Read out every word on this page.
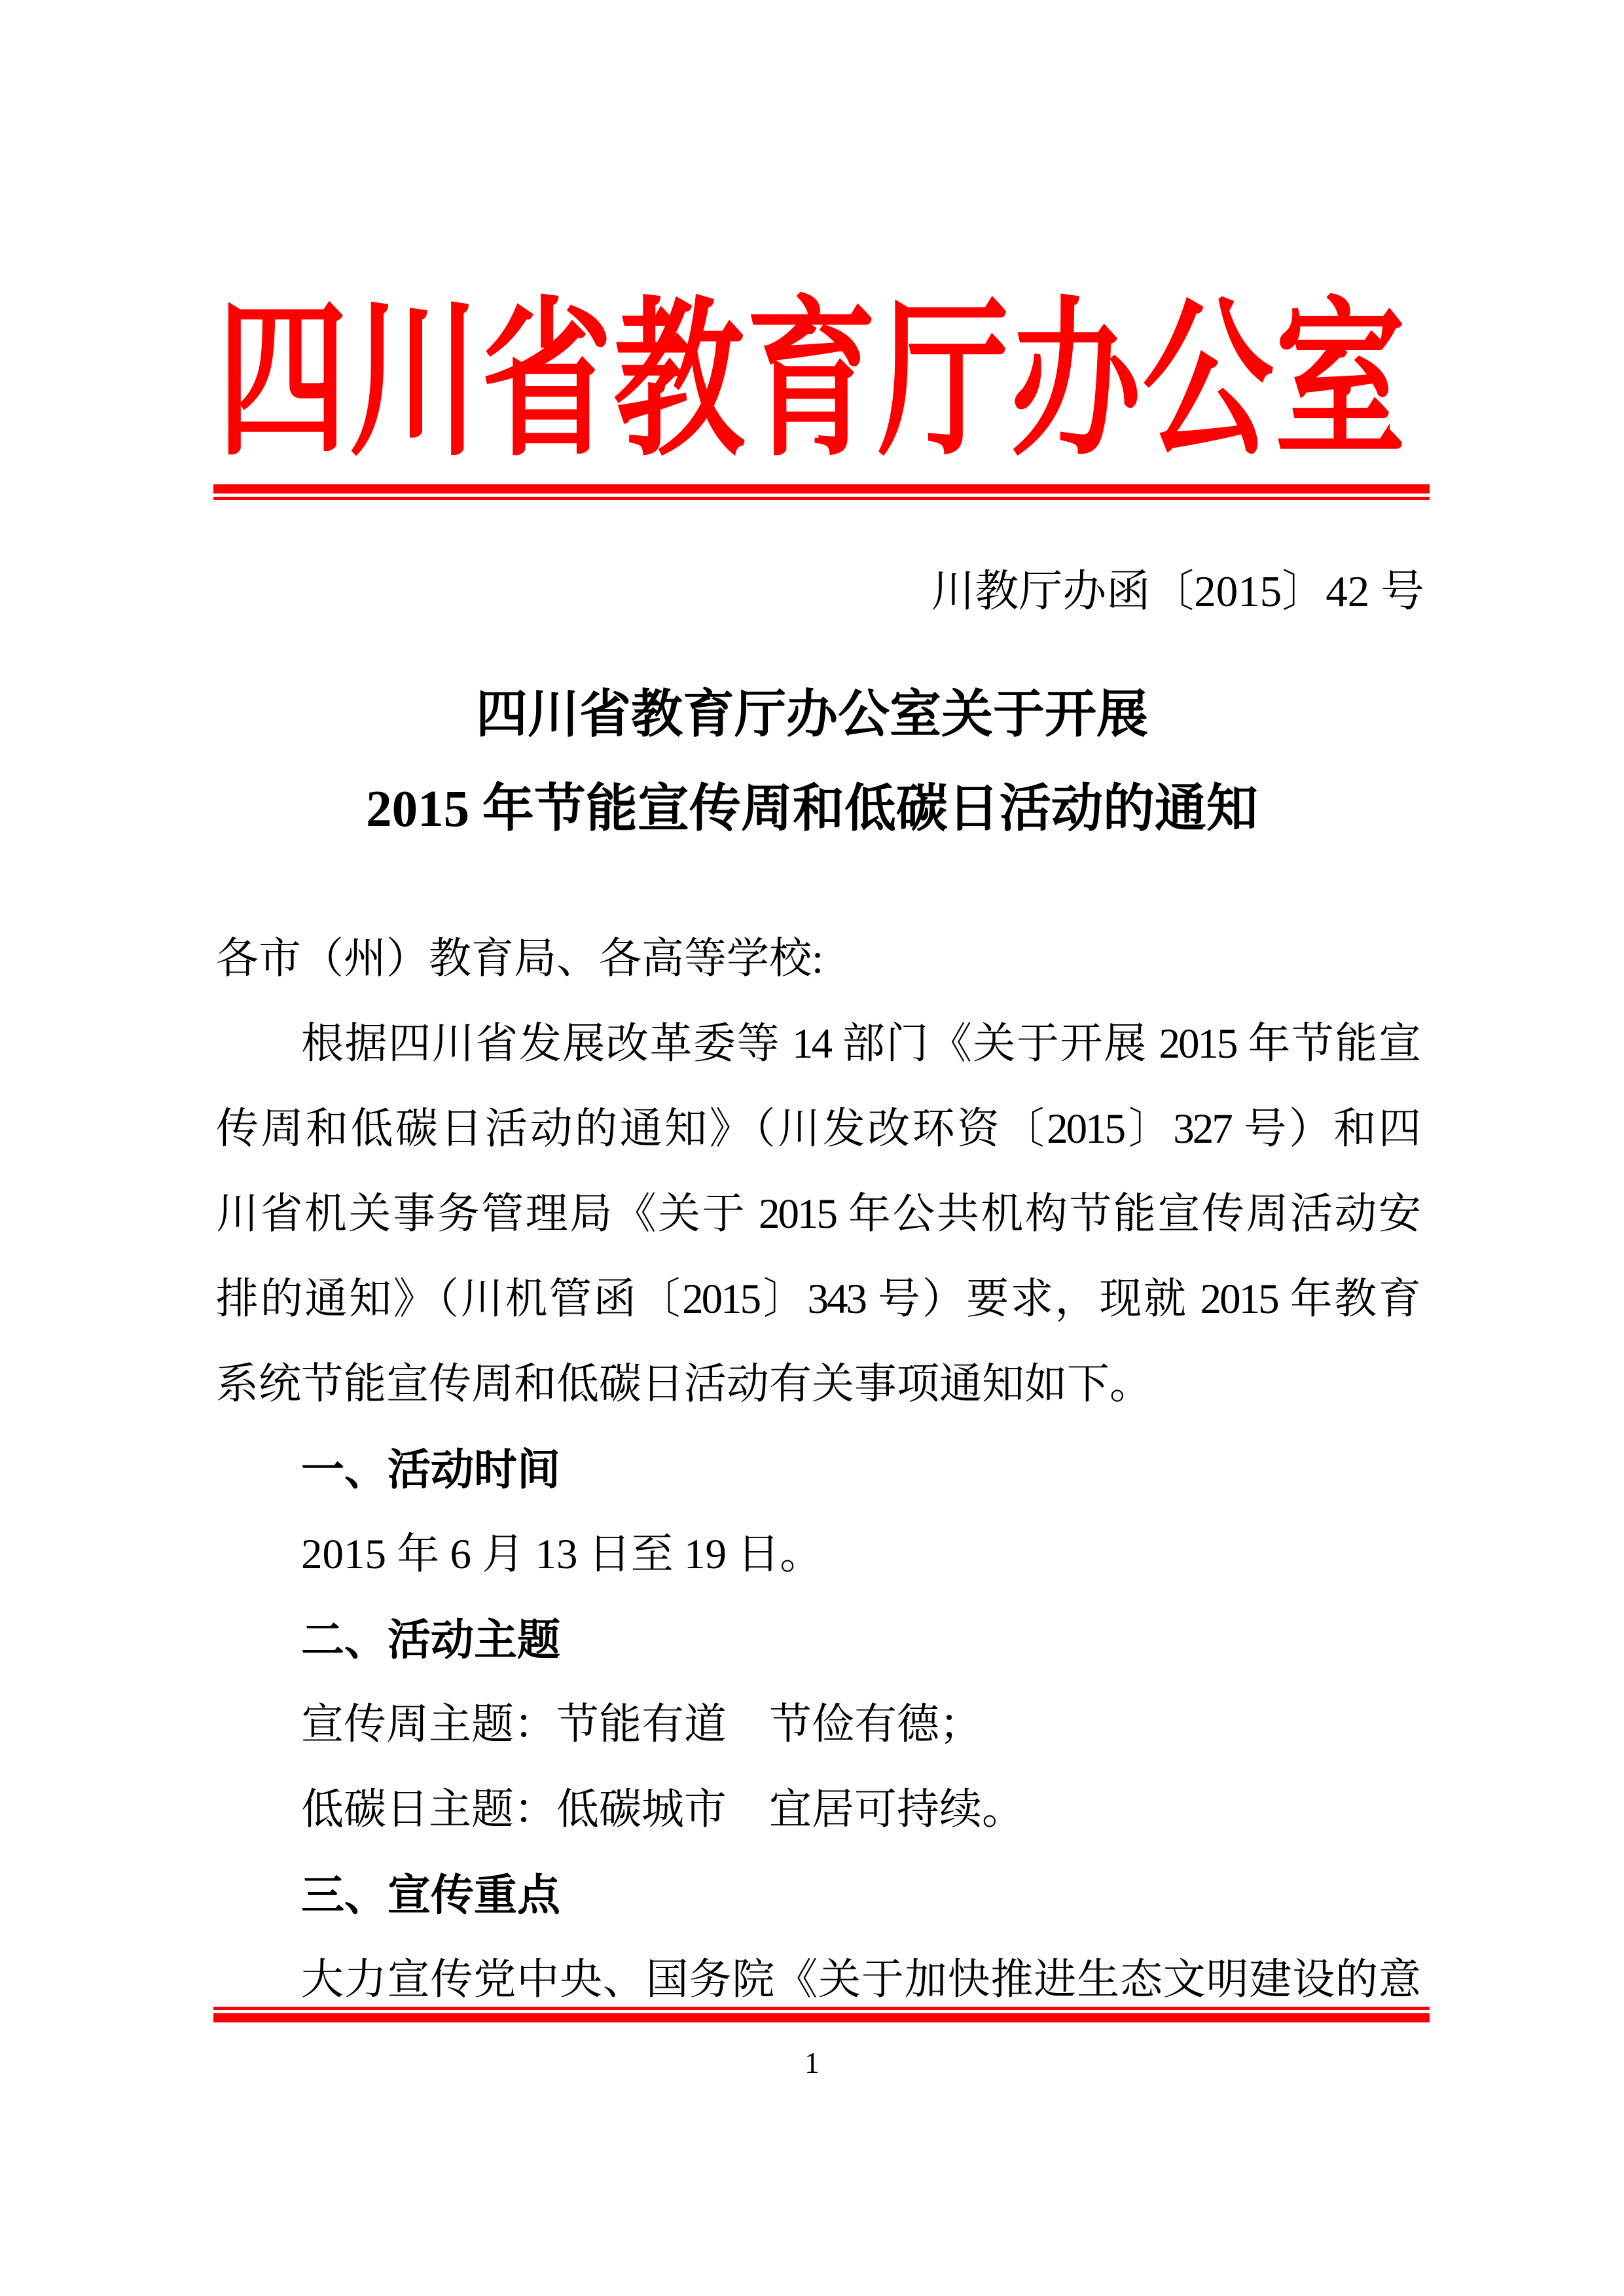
四川省教育厅办公室
川教厅办函〔2015〕42 号
四川省教育厅办公室关于开展
2015 年节能宣传周和低碳日活动的通知
各市（州）教育局、各高等学校:
根据四川省发展改革委等 14 部门《关于开展 2015 年节能宣
传周和低碳日活动的通知》（川发改环资〔2015〕327 号）和四
川省机关事务管理局《关于 2015 年公共机构节能宣传周活动安
排的通知》（川机管函〔2015〕343 号）要求，现就 2015 年教育
系统节能宣传周和低碳日活动有关事项通知如下。
一、活动时间
2015 年 6 月 13 日至 19 日。
二、活动主题
宣传周主题：节能有道　节俭有德；
低碳日主题：低碳城市　宜居可持续。
三、宣传重点
大力宣传党中央、国务院《关于加快推进生态文明建设的意
1
